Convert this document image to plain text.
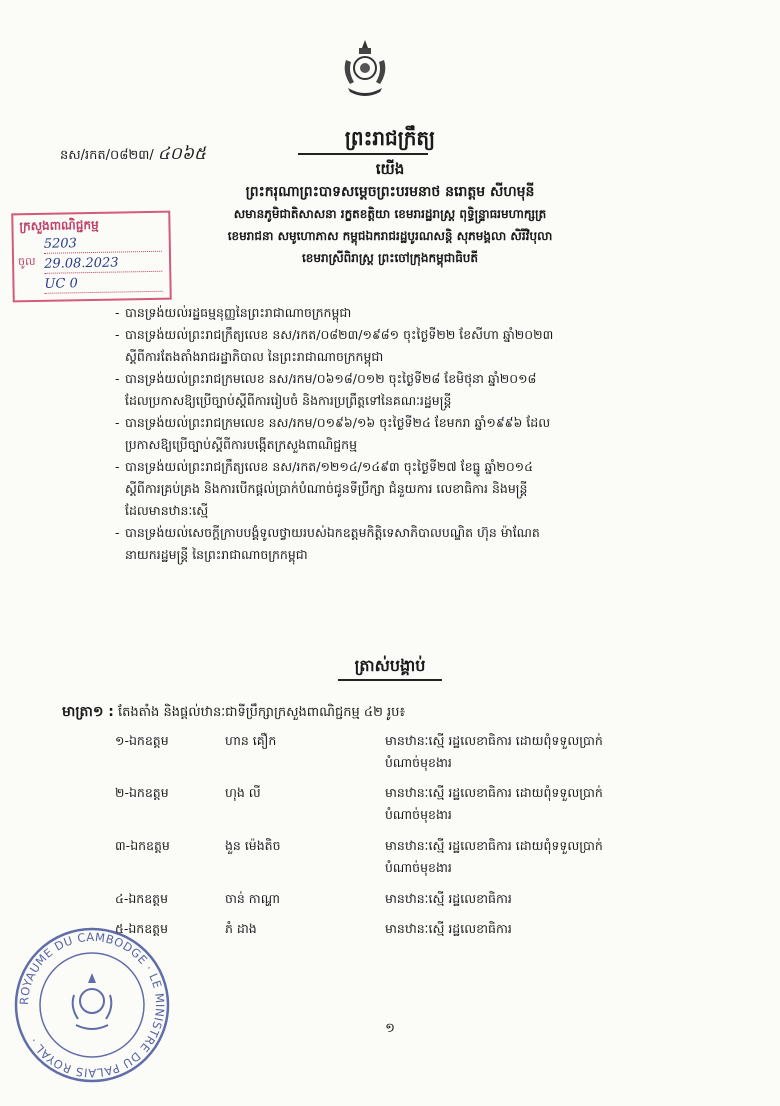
នស/រកត/០៨២៣/ ៤០៦៥
ព្រះរាជក្រឹត្យ
យើង
ព្រះករុណាព្រះបាទសម្ដេចព្រះបរមនាថ នរោត្តម សីហមុនី
សមានភូមិជាតិសាសនា រក្ខតខត្តិយា ខេមរារដ្ឋរាស្ត្រ ពុទ្ធិន្ទ្រាធរមហាក្សត្រ
ខេមរាជនា សមូហោភាស កម្ពុជឯករាជរដ្ឋបូរណសន្តិ សុភមង្គលា សិរីវិបុលា
ខេមរាស្រីពិរាស្ត្រ ព្រះចៅក្រុងកម្ពុជាធិបតី
ក្រសួងពាណិជ្ជកម្ម
ចូល
5203
29.08.2023
UC 0

- បានទ្រង់យល់រដ្ឋធម្មនុញ្ញនៃព្រះរាជាណាចក្រកម្ពុជា

- បានទ្រង់យល់ព្រះរាជក្រឹត្យលេខ នស/រកត/០៨២៣/១៩៨១ ចុះថ្ងៃទី២២ ខែសីហា ឆ្នាំ២០២៣

ស្ដីពីការតែងតាំងរាជរដ្ឋាភិបាល នៃព្រះរាជាណាចក្រកម្ពុជា

- បានទ្រង់យល់ព្រះរាជក្រមលេខ នស/រកម/០៦១៨/០១២ ចុះថ្ងៃទី២៨ ខែមិថុនា ឆ្នាំ២០១៨

ដែលប្រកាសឱ្យប្រើច្បាប់ស្ដីពីការរៀបចំ និងការប្រព្រឹត្តទៅនៃគណៈរដ្ឋមន្ត្រី

- បានទ្រង់យល់ព្រះរាជក្រមលេខ នស/រកម/០១៩៦/១៦ ចុះថ្ងៃទី២៤ ខែមករា ឆ្នាំ១៩៩៦ ដែល

ប្រកាសឱ្យប្រើច្បាប់ស្ដីពីការបង្កើតក្រសួងពាណិជ្ជកម្ម

- បានទ្រង់យល់ព្រះរាជក្រឹត្យលេខ នស/រកត/១២១៤/១៤៩៣ ចុះថ្ងៃទី២៧ ខែធ្នូ ឆ្នាំ២០១៤

ស្ដីពីការគ្រប់គ្រង និងការបើកផ្ដល់ប្រាក់បំណាច់ជូនទីប្រឹក្សា ជំនួយការ លេខាធិការ និងមន្ត្រី

ដែលមានឋានៈស្មើ

- បានទ្រង់យល់សេចក្ដីក្រាបបង្គំទូលថ្វាយរបស់ឯកឧត្តមកិត្តិទេសាភិបាលបណ្ឌិត ហ៊ុន ម៉ាណែត

នាយករដ្ឋមន្ត្រី នៃព្រះរាជាណាចក្រកម្ពុជា

ត្រាស់បង្គាប់
មាត្រា១ : តែងតាំង និងផ្ដល់ឋានៈជាទីប្រឹក្សាក្រសួងពាណិជ្ជកម្ម ៤២ រូប៖
១-ឯកឧត្តម	ហាន គឿក	មានឋានៈស្មើ រដ្ឋលេខាធិការ ដោយពុំទទួលប្រាក់
បំណាច់មុខងារ
២-ឯកឧត្តម	ហុង លី	មានឋានៈស្មើ រដ្ឋលេខាធិការ ដោយពុំទទួលប្រាក់
បំណាច់មុខងារ
៣-ឯកឧត្តម	ងួន ម៉េងតិច	មានឋានៈស្មើ រដ្ឋលេខាធិការ ដោយពុំទទួលប្រាក់
បំណាច់មុខងារ
៤-ឯកឧត្តម	ចាន់ កាណ្ហា	មានឋានៈស្មើ រដ្ឋលេខាធិការ
៥-ឯកឧត្តម	ភំ ដាង	មានឋានៈស្មើ រដ្ឋលេខាធិការ
ROYAUME DU CAMBODGE · LE MINISTRE DU PALAIS ROYAL ·
១
